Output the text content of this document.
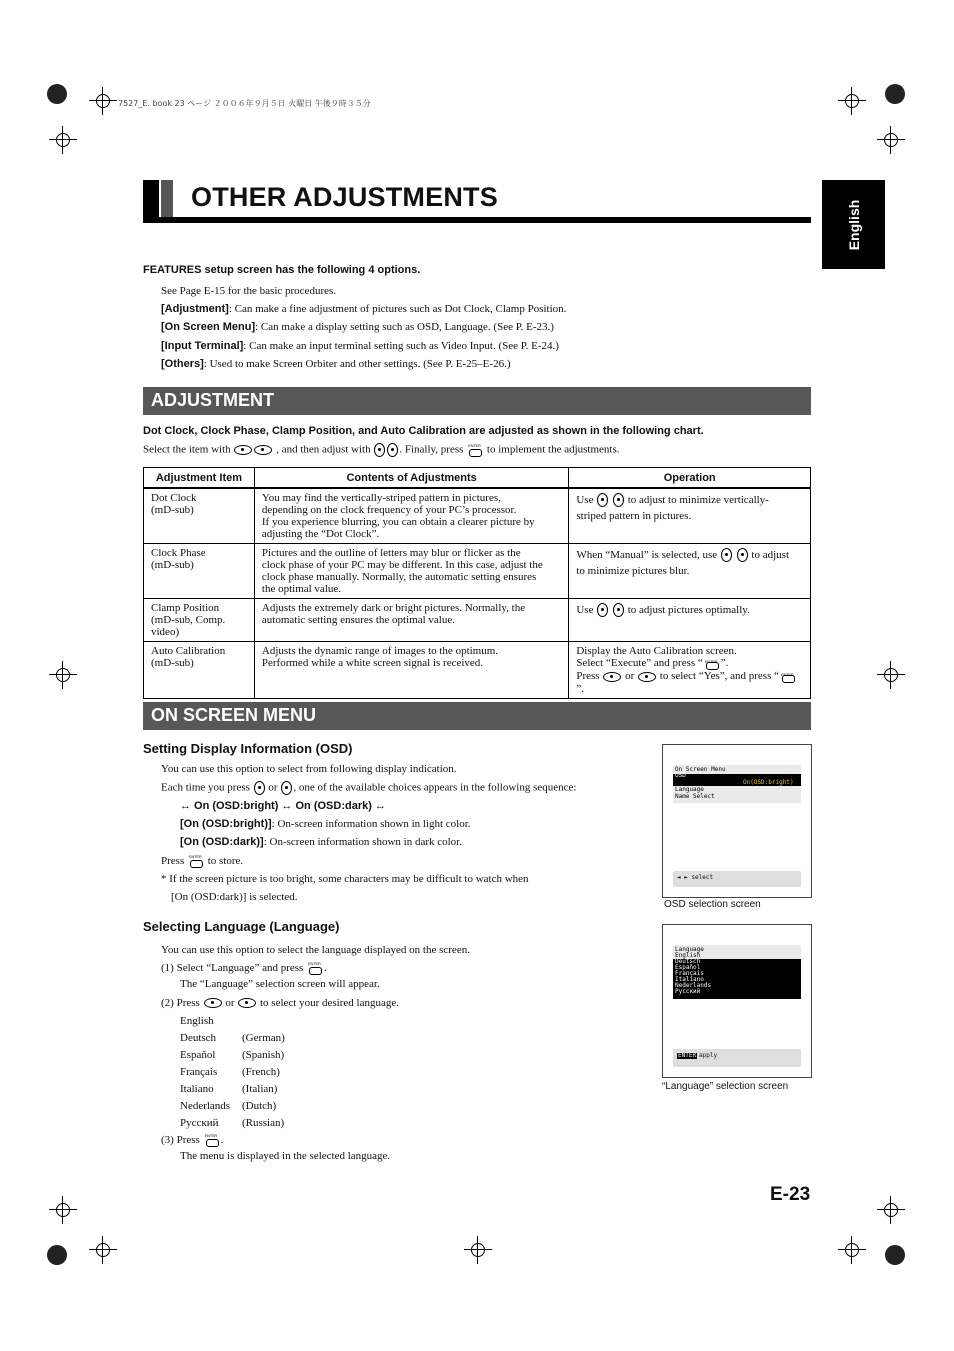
7527_E. book 23 ページ ２００６年９月５日 火曜日 午後９時３５分
OTHER ADJUSTMENTS
English
FEATURES setup screen has the following 4 options.
See Page E-15 for the basic procedures.
[Adjustment]: Can make a fine adjustment of pictures such as Dot Clock, Clamp Position.
[On Screen Menu]: Can make a display setting such as OSD, Language. (See P. E-23.)
[Input Terminal]: Can make an input terminal setting such as Video Input. (See P. E-24.)
[Others]: Used to make Screen Orbiter and other settings. (See P. E-25–E-26.)
ADJUSTMENT
Dot Clock, Clock Phase, Clamp Position, and Auto Calibration are adjusted as shown in the following chart.
Select the item with	, and then adjust with	. Finally, press ENTER to implement the adjustments.
Adjustment Item	Contents of Adjustments	Operation
Dot Clock
(mD-sub)	You may find the vertically-striped pattern in pictures,
depending on the clock frequency of your PC’s processor.
If you experience blurring, you can obtain a clearer picture by
adjusting the “Dot Clock”.	Use to adjust to minimize vertically-
striped pattern in pictures.
Clock Phase
(mD-sub)	Pictures and the outline of letters may blur or flicker as the
clock phase of your PC may be different. In this case, adjust the
clock phase manually. Normally, the automatic setting ensures
the optimal value.	When “Manual” is selected, use to adjust
to minimize pictures blur.
Clamp Position
(mD-sub, Comp.
video)	Adjusts the extremely dark or bright pictures. Normally, the
automatic setting ensures the optimal value.	Use to adjust pictures optimally.
Auto Calibration
(mD-sub)	Adjusts the dynamic range of images to the optimum.
Performed while a white screen signal is received.	Display the Auto Calibration screen.
Select “Execute” and press “ ENTER ”.
Press or to select “Yes”, and press “ENTER”.
ON SCREEN MENU
Setting Display Information (OSD)
You can use this option to select from following display indication.
Each time you press or , one of the available choices appears in the following sequence:
↔ On (OSD:bright) ↔ On (OSD:dark) ↔
[On (OSD:bright)]: On-screen information shown in light color.
[On (OSD:dark)]: On-screen information shown in dark color.
Press ENTER to store.
* If the screen picture is too bright, some characters may be difficult to watch when
[On (OSD:dark)] is selected.
Selecting Language (Language)
You can use this option to select the language displayed on the screen.
(1) Select “Language” and press ENTER .
The “Language” selection screen will appear.
(2) Press or to select your desired language.
English
Deutsch (German)
Español (Spanish)
Français (French)
Italiano	(Italian)
Nederlands (Dutch)
Русский (Russian)
(3) Press ENTER .
The menu is displayed in the selected language.
On Screen Menu
OSD
On(OSD:bright)
Language
Name Select
◄ ► select
OSD selection screen
Language
English
Deutsch
Español
Français
Italiano
Nederlands
Русский
ENTER apply
“Language” selection screen
E-23
